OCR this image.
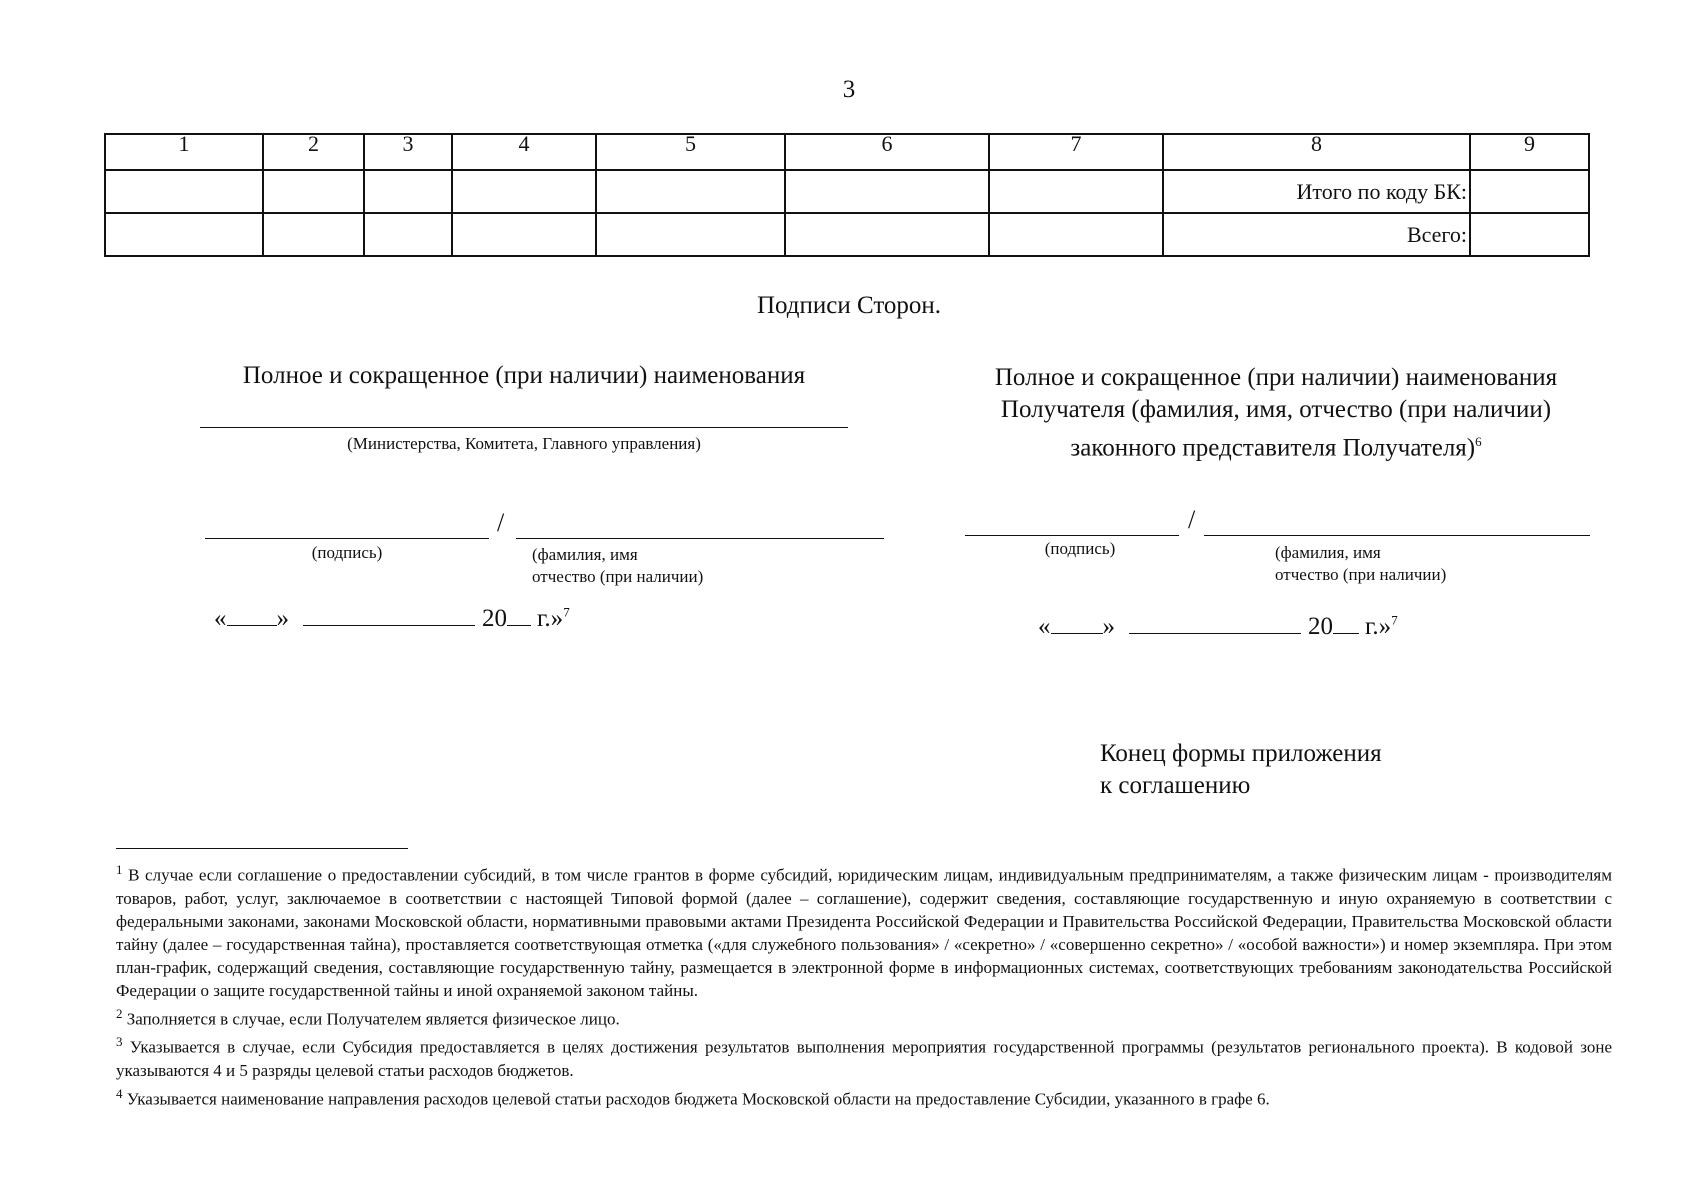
3
1	2	3	4	5	6	7	8	9
							Итого по коду БК:	
							Всего:	
Подписи Сторон.
Полное и сокращенное (при наличии) наименования
(Министерства, Комитета, Главного управления)
/
(подпись)	(фамилия, имя
отчество (при наличии)
« »	20 г.»$^7$
Полное и сокращенное (при наличии) наименования
Получателя (фамилия, имя, отчество (при наличии)
законного представителя Получателя)$^6$
/
(подпись)	(фамилия, имя
отчество (при наличии)
« »	20 г.»$^7$
Конец формы приложения
к соглашению

$^1$ В случае если соглашение о предоставлении субсидий, в том числе грантов в форме субсидий, юридическим лицам, индивидуальным предпринимателям, а также физическим лицам - производителям товаров, работ, услуг, заключаемое в соответствии с настоящей Типовой формой (далее – соглашение), содержит сведения, составляющие государственную и иную охраняемую в соответствии с федеральными законами, законами Московской области, нормативными правовыми актами Президента Российской Федерации и Правительства Российской Федерации, Правительства Московской области тайну (далее – государственная тайна), проставляется соответствующая отметка («для служебного пользования» / «секретно» / «совершенно секретно» / «особой важности») и номер экземпляра. При этом план-график, содержащий сведения, составляющие государственную тайну, размещается в электронной форме в информационных системах, соответствующих требованиям законодательства Российской Федерации о защите государственной тайны и иной охраняемой законом тайны.

$^2$ Заполняется в случае, если Получателем является физическое лицо.

$^3$ Указывается в случае, если Субсидия предоставляется в целях достижения результатов выполнения мероприятия государственной программы (результатов регионального проекта). В кодовой зоне указываются 4 и 5 разряды целевой статьи расходов бюджетов.

$^4$ Указывается наименование направления расходов целевой статьи расходов бюджета Московской области на предоставление Субсидии, указанного в графе 6.
